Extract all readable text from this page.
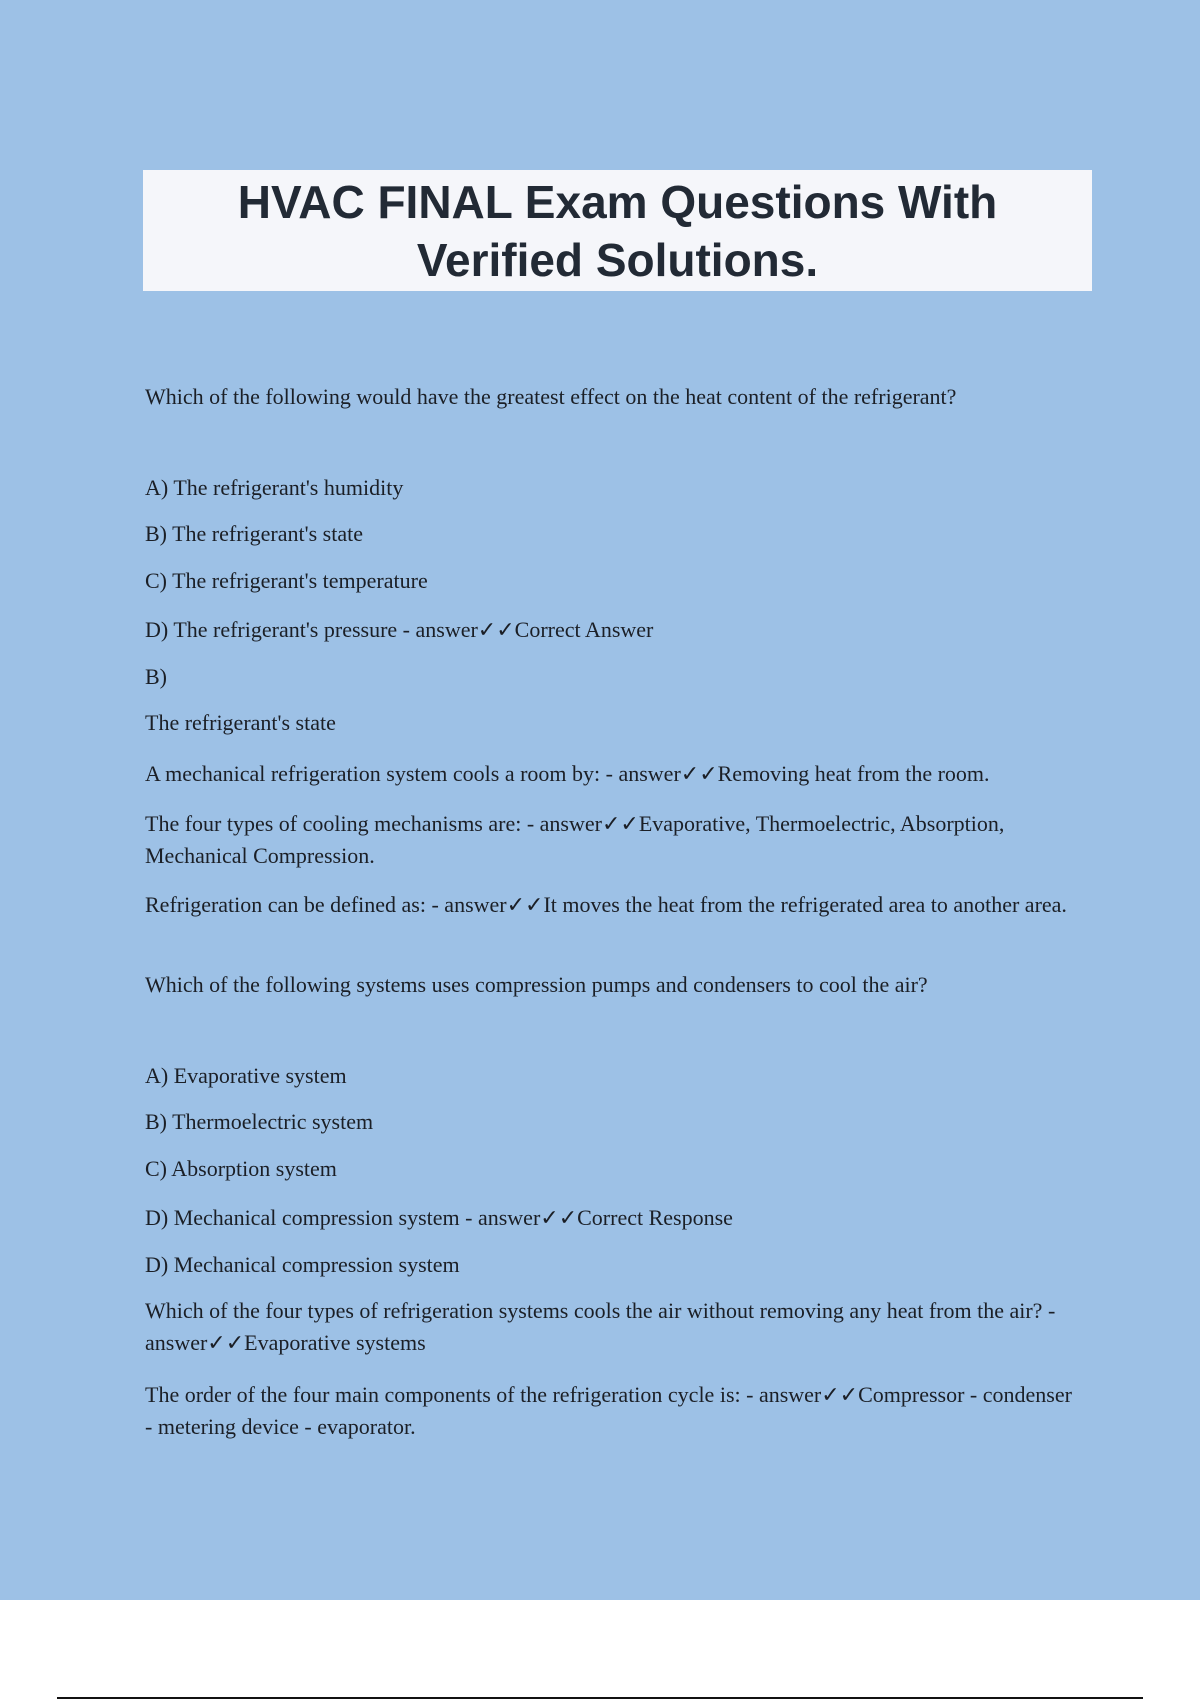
HVAC FINAL Exam Questions With
Verified Solutions.

Which of the following would have the greatest effect on the heat content of the refrigerant?

A) The refrigerant's humidity

B) The refrigerant's state

C) The refrigerant's temperature

D) The refrigerant's pressure - answer✓✓Correct Answer

B)

The refrigerant's state

A mechanical refrigeration system cools a room by: - answer✓✓Removing heat from the room.

The four types of cooling mechanisms are: - answer✓✓Evaporative, Thermoelectric, Absorption, Mechanical Compression.

Refrigeration can be defined as: - answer✓✓It moves the heat from the refrigerated area to another area.

Which of the following systems uses compression pumps and condensers to cool the air?

A) Evaporative system

B) Thermoelectric system

C) Absorption system

D) Mechanical compression system - answer✓✓Correct Response

D) Mechanical compression system

Which of the four types of refrigeration systems cools the air without removing any heat from the air? - answer✓✓Evaporative systems

The order of the four main components of the refrigeration cycle is: - answer✓✓Compressor - condenser - metering device - evaporator.
